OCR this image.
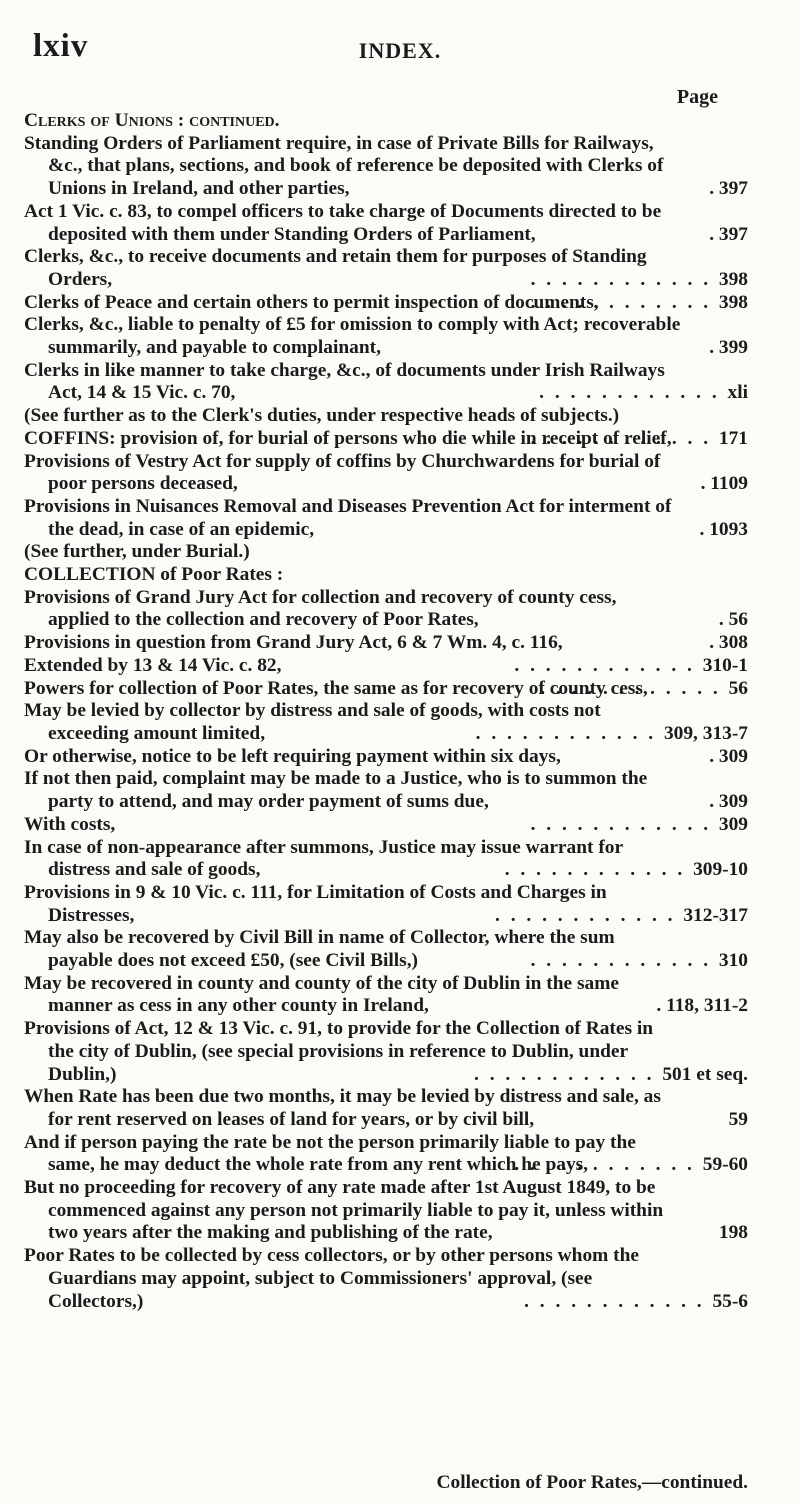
lxiv	INDEX.
Page
Clerks of Unions : continued.
Standing Orders of Parliament require, in case of Private Bills for Railways, &c., that plans, sections, and book of reference be deposited with Clerks of Unions in Ireland, and other parties,	. 397
Act 1 Vic. c. 83, to compel officers to take charge of Documents directed to be deposited with them under Standing Orders of Parliament,	. 397
Clerks, &c., to receive documents and retain them for purposes of Standing Orders,	. . . 398
Clerks of Peace and certain others to permit inspection of documents,	. . . 398
Clerks, &c., liable to penalty of £5 for omission to comply with Act; recoverable summarily, and payable to complainant,	. 399
Clerks in like manner to take charge, &c., of documents under Irish Railways Act, 14 & 15 Vic. c. 70,	. . . xli
(See further as to the Clerk's duties, under respective heads of subjects.)
COFFINS: provision of, for burial of persons who die while in receipt of relief,	. . . 171
Provisions of Vestry Act for supply of coffins by Churchwardens for burial of poor persons deceased,	. 1109
Provisions in Nuisances Removal and Diseases Prevention Act for interment of the dead, in case of an epidemic,	. 1093
(See further, under Burial.)
COLLECTION of Poor Rates :
Provisions of Grand Jury Act for collection and recovery of county cess, applied to the collection and recovery of Poor Rates,	. 56
Provisions in question from Grand Jury Act, 6 & 7 Wm. 4, c. 116,	. 308
Extended by 13 & 14 Vic. c. 82,	. . . 310-1
Powers for collection of Poor Rates, the same as for recovery of county cess,	. . . 56
May be levied by collector by distress and sale of goods, with costs not exceeding amount limited,	. . . 309, 313-7
Or otherwise, notice to be left requiring payment within six days,	. 309
If not then paid, complaint may be made to a Justice, who is to summon the party to attend, and may order payment of sums due,	. 309
With costs,	. . . 309
In case of non-appearance after summons, Justice may issue warrant for distress and sale of goods,	. . . 309-10
Provisions in 9 & 10 Vic. c. 111, for Limitation of Costs and Charges in Distresses,	. . . 312-317
May also be recovered by Civil Bill in name of Collector, where the sum payable does not exceed £50, (see Civil Bills,)	. . . 310
May be recovered in county and county of the city of Dublin in the same manner as cess in any other county in Ireland,	. 118, 311-2
Provisions of Act, 12 & 13 Vic. c. 91, to provide for the Collection of Rates in the city of Dublin, (see special provisions in reference to Dublin, under Dublin,)	. . . 501 et seq.
When Rate has been due two months, it may be levied by distress and sale, as for rent reserved on leases of land for years, or by civil bill,	59
And if person paying the rate be not the person primarily liable to pay the same, he may deduct the whole rate from any rent which he pays,	. . . 59-60
But no proceeding for recovery of any rate made after 1st August 1849, to be commenced against any person not primarily liable to pay it, unless within two years after the making and publishing of the rate,	198
Poor Rates to be collected by cess collectors, or by other persons whom the Guardians may appoint, subject to Commissioners' approval, (see Collectors,)	. . . 55-6
Collection of Poor Rates,—continued.
